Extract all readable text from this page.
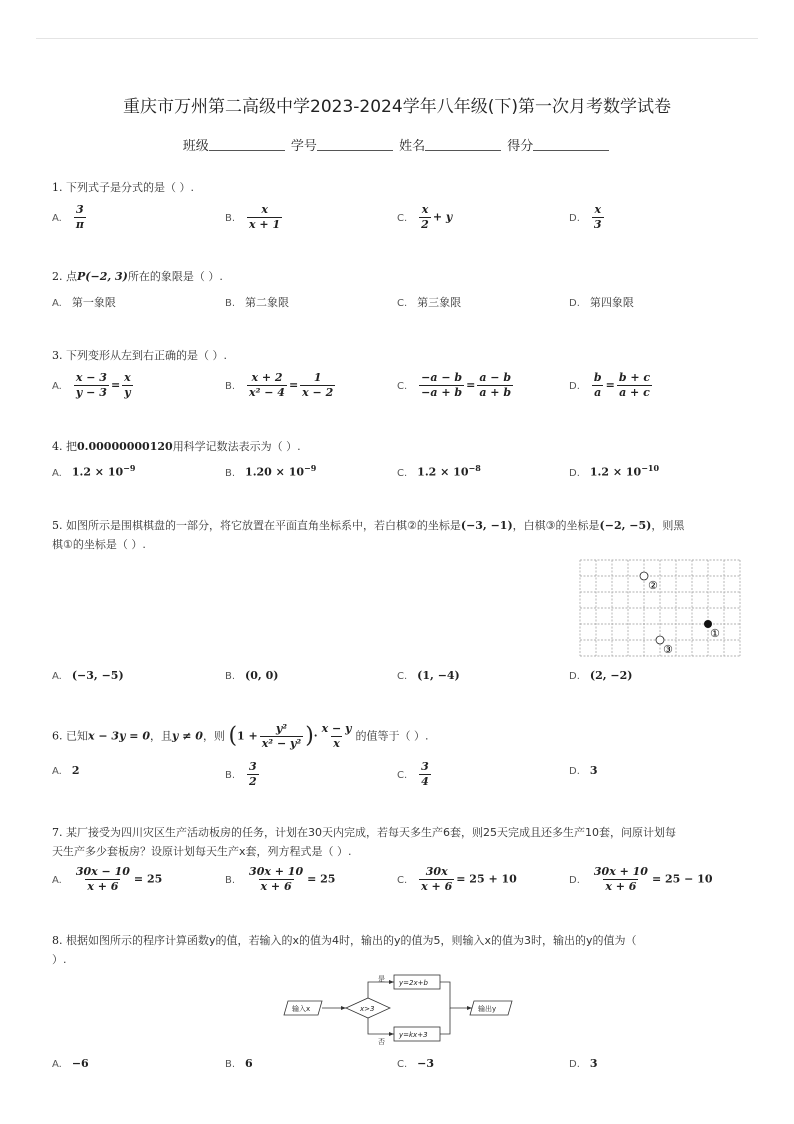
重庆市万州第二高级中学2023-2024学年八年级(下)第一次月考数学试卷
班级	学号	姓名	得分
1. 下列式子是分式的是（ ）.
A. $\frac{3}{\pi}$	B. $\frac{x}{x + 1}$	C. $\frac{x}{2} + y$	D. $\frac{x}{3}$
2. 点P(−2, 3)所在的象限是（ ）.
A. 第一象限	B. 第二象限	C. 第三象限	D. 第四象限
3. 下列变形从左到右正确的是（ ）.
A. $\frac{x - 3}{y - 3} = \frac{x}{y}$	B. $\frac{x + 2}{\text{x² − 4}} = \frac{1}{x - 2}$	C. $\frac{-a - b}{-a + b} = \frac{a - b}{a + b}$	D. $\frac{b}{a} = \frac{b + c}{a + c}$
4. 把0.00000000120用科学记数法表示为（ ）.
A. $1.2 \times 10^{-9}$	B. $1.20 \times 10^{-9}$	C. $1.2 \times 10^{-8}$	D. $1.2 \times 10^{-10}$
5. 如图所示是围棋棋盘的一部分，将它放置在平面直角坐标系中，若白棋②的坐标是(−3, −1)，白棋③的坐标是(−2, −5)，则黑
棋①的坐标是（ ）.
②
①
③
A. (−3, −5)	B. (0, 0)	C. (1, −4)	D. (2, −2)
6. 已知x − 3y = 0，且y ≠ 0，则 ($1 + \frac{\text{y²}}{\text{x² − y²}}$ )· $\frac{x - y}{x}$ 的值等于（ ）.
A. 2	B. $\frac{3}{2}$	C. $\frac{3}{4}$	D. 3
7. 某厂接受为四川灾区生产活动板房的任务，计划在30天内完成，若每天多生产6套，则25天完成且还多生产10套，问原计划每
天生产多少套板房？设原计划每天生产x套，列方程式是（ ）.
A. $\frac{30x - 10}{x + 6} = 25$	B. $\frac{30x + 10}{x + 6} = 25$	C. $\frac{30x}{x + 6} = 25 + 10$	D. $\frac{30x + 10}{x + 6} = 25 - 10$
8. 根据如图所示的程序计算函数y的值，若输入的x的值为4时，输出的y的值为5，则输入x的值为3时，输出的y的值为（
）.
输入x	x>3
是
否
y=2x+b
y=kx+3
输出y
A. −6	B. 6	C. −3	D. 3
